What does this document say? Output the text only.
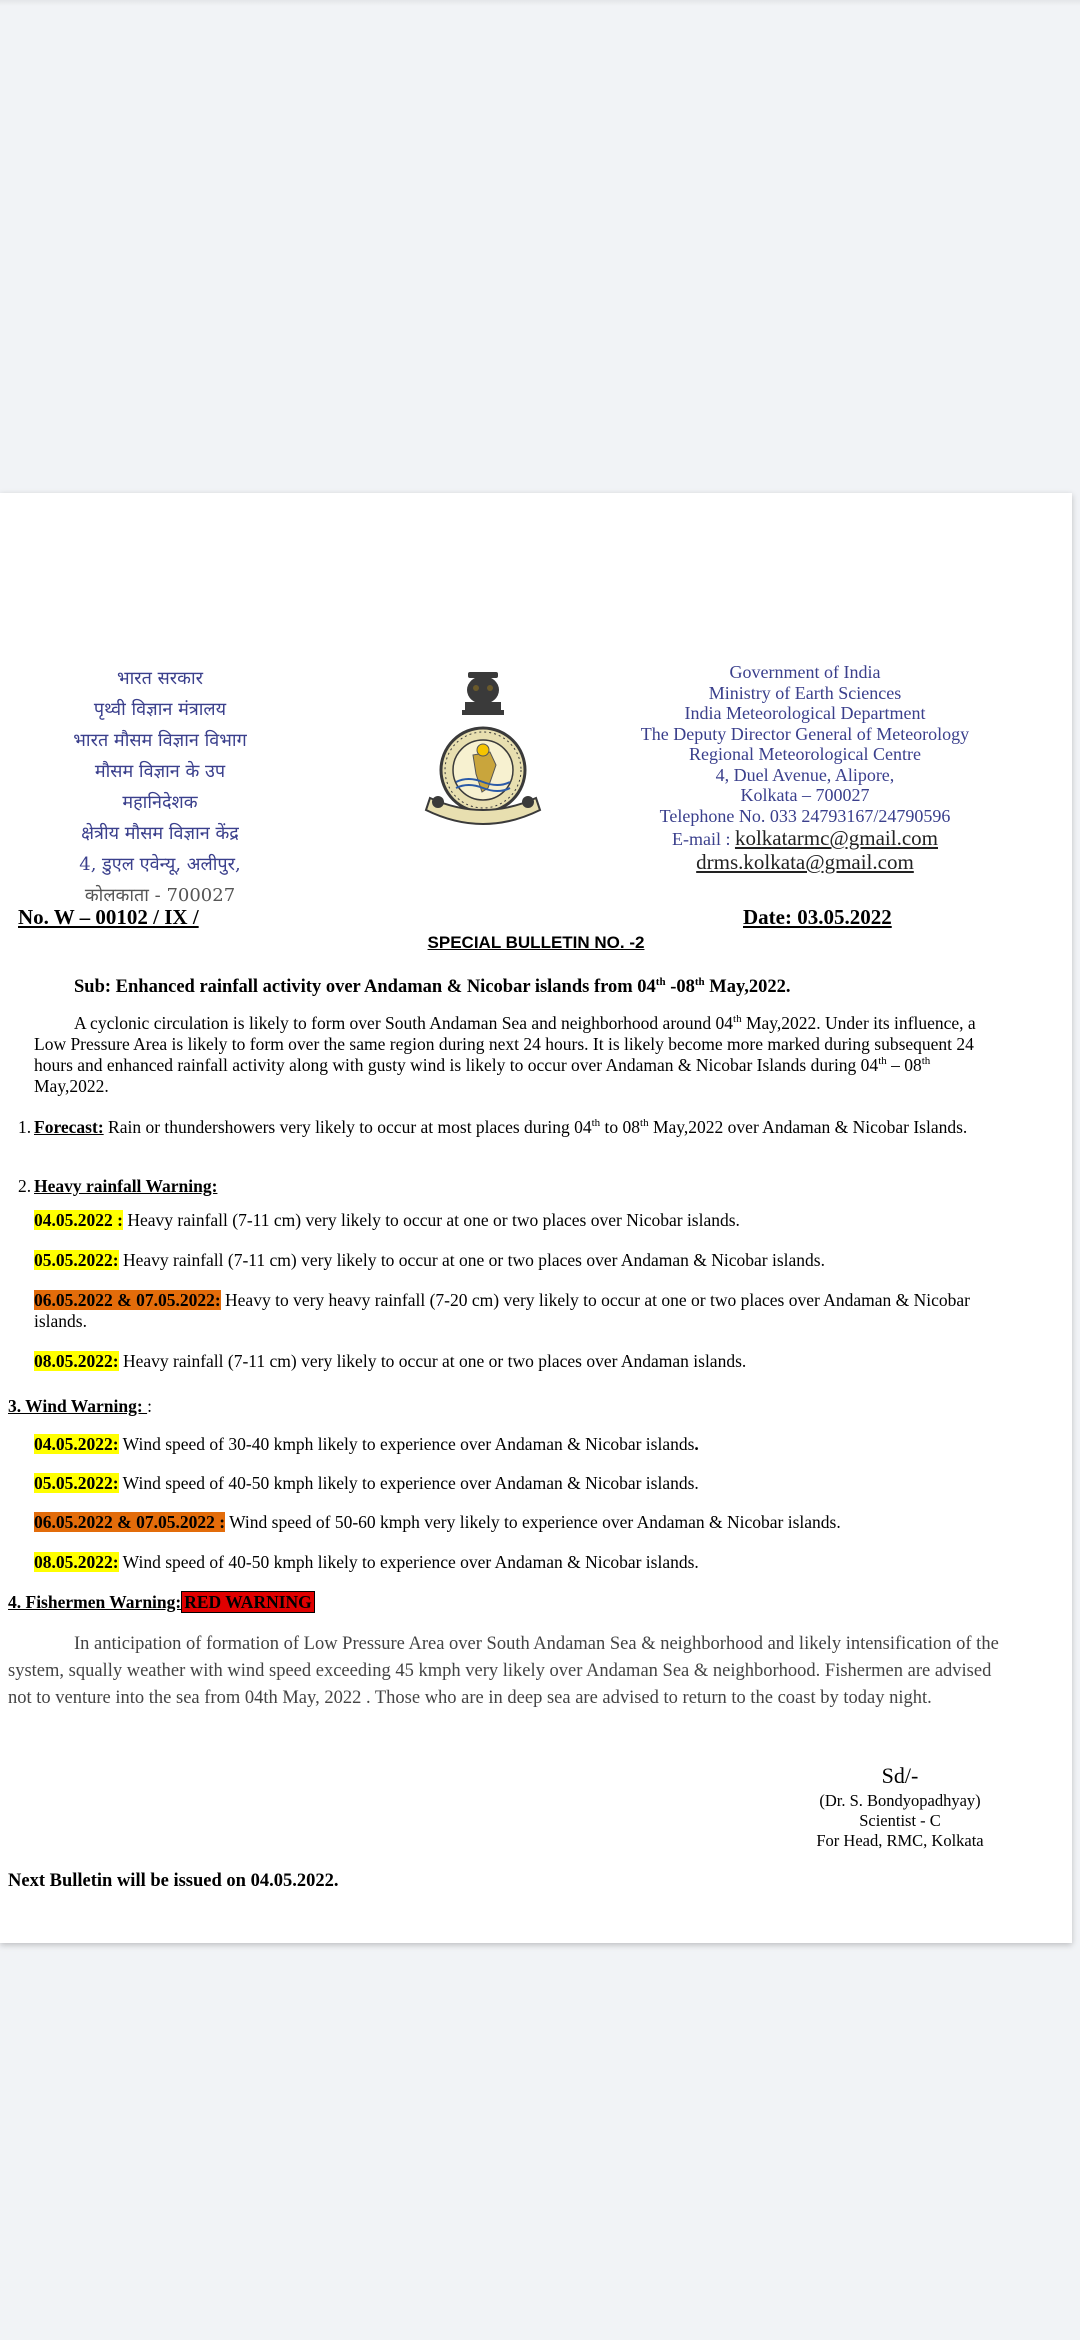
भारत सरकार
पृथ्वी विज्ञान मंत्रालय
भारत मौसम विज्ञान विभाग
मौसम विज्ञान के उप
महानिदेशक
क्षेत्रीय मौसम विज्ञान केंद्र
4, डुएल एवेन्यू, अलीपुर,
कोलकाता - 700027
Government of India
Ministry of Earth Sciences
India Meteorological Department
The Deputy Director General of Meteorology
Regional Meteorological Centre
4, Duel Avenue, Alipore,
Kolkata – 700027
Telephone No. 033 24793167/24790596
E-mail : kolkatarmc@gmail.com
drms.kolkata@gmail.com
No. W – 00102 / IX /	Date: 03.05.2022
SPECIAL BULLETIN NO. -2
Sub: Enhanced rainfall activity over Andaman & Nicobar islands from 04th -08th May,2022.
A cyclonic circulation is likely to form over South Andaman Sea and neighborhood around 04th May,2022. Under its influence, a Low Pressure Area is likely to form over the same region during next 24 hours. It is likely become more marked during subsequent 24 hours and enhanced rainfall activity along with gusty wind is likely to occur over Andaman & Nicobar Islands during 04th – 08th May,2022.
1. Forecast: Rain or thundershowers very likely to occur at most places during 04th to 08th May,2022 over Andaman & Nicobar Islands.
2. Heavy rainfall Warning:
04.05.2022 : Heavy rainfall (7-11 cm) very likely to occur at one or two places over Nicobar islands.
05.05.2022: Heavy rainfall (7-11 cm) very likely to occur at one or two places over Andaman & Nicobar islands.
06.05.2022 & 07.05.2022: Heavy to very heavy rainfall (7-20 cm) very likely to occur at one or two places over Andaman & Nicobar islands.
08.05.2022: Heavy rainfall (7-11 cm) very likely to occur at one or two places over Andaman islands.
3. Wind Warning: :
04.05.2022: Wind speed of 30-40 kmph likely to experience over Andaman & Nicobar islands.
05.05.2022: Wind speed of 40-50 kmph likely to experience over Andaman & Nicobar islands.
06.05.2022 & 07.05.2022 : Wind speed of 50-60 kmph very likely to experience over Andaman & Nicobar islands.
08.05.2022: Wind speed of 40-50 kmph likely to experience over Andaman & Nicobar islands.
4. Fishermen Warning: RED WARNING
In anticipation of formation of Low Pressure Area over South Andaman Sea & neighborhood and likely intensification of the system, squally weather with wind speed exceeding 45 kmph very likely over Andaman Sea & neighborhood. Fishermen are advised not to venture into the sea from 04th May, 2022 . Those who are in deep sea are advised to return to the coast by today night.
Sd/-
(Dr. S. Bondyopadhyay)
Scientist - C
For Head, RMC, Kolkata
Next Bulletin will be issued on 04.05.2022.
